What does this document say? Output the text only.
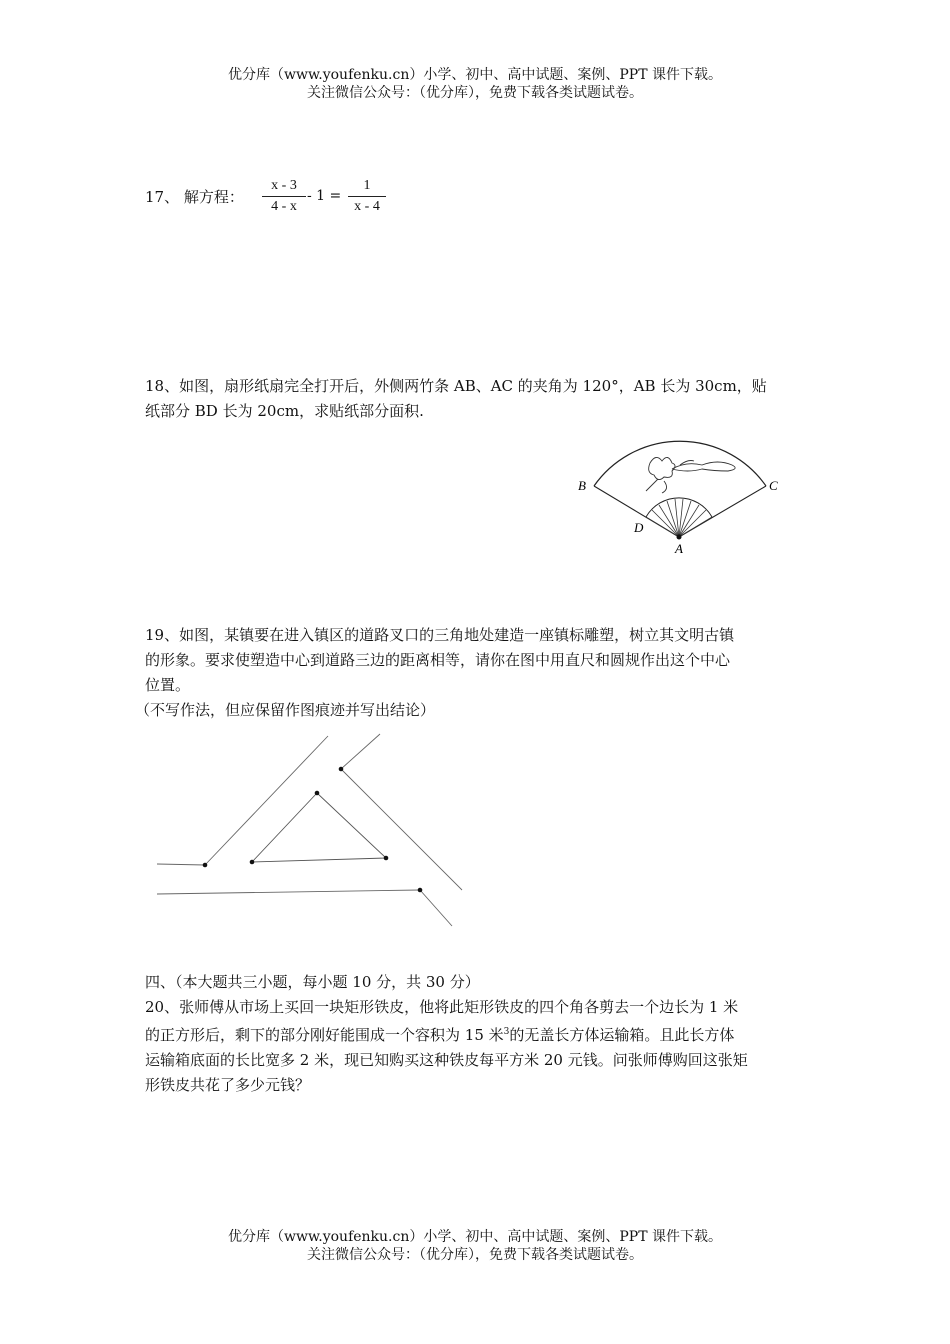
优分库（www.youfenku.cn）小学、初中、高中试题、案例、PPT 课件下载。
关注微信公众号：（优分库），免费下载各类试题试卷。
17、 解方程：	$\frac{x - 3}{4 - x} - 1 = \frac{1}{x - 4}$
18、如图，扇形纸扇完全打开后，外侧两竹条 AB、AC 的夹角为 120°，AB 长为 30cm，贴
纸部分 BD 长为 20cm，求贴纸部分面积.
B	C
D
A
19、如图，某镇要在进入镇区的道路叉口的三角地处建造一座镇标雕塑，树立其文明古镇
的形象。要求使塑造中心到道路三边的距离相等，请你在图中用直尺和圆规作出这个中心
位置。
（不写作法，但应保留作图痕迹并写出结论）
四、（本大题共三小题，每小题 10 分，共 30 分）
20、张师傅从市场上买回一块矩形铁皮，他将此矩形铁皮的四个角各剪去一个边长为 1 米
的正方形后，剩下的部分刚好能围成一个容积为 15 米$^3$的无盖长方体运输箱。且此长方体
运输箱底面的长比宽多 2 米，现已知购买这种铁皮每平方米 20 元钱。问张师傅购回这张矩
形铁皮共花了多少元钱？
优分库（www.youfenku.cn）小学、初中、高中试题、案例、PPT 课件下载。
关注微信公众号：（优分库），免费下载各类试题试卷。
